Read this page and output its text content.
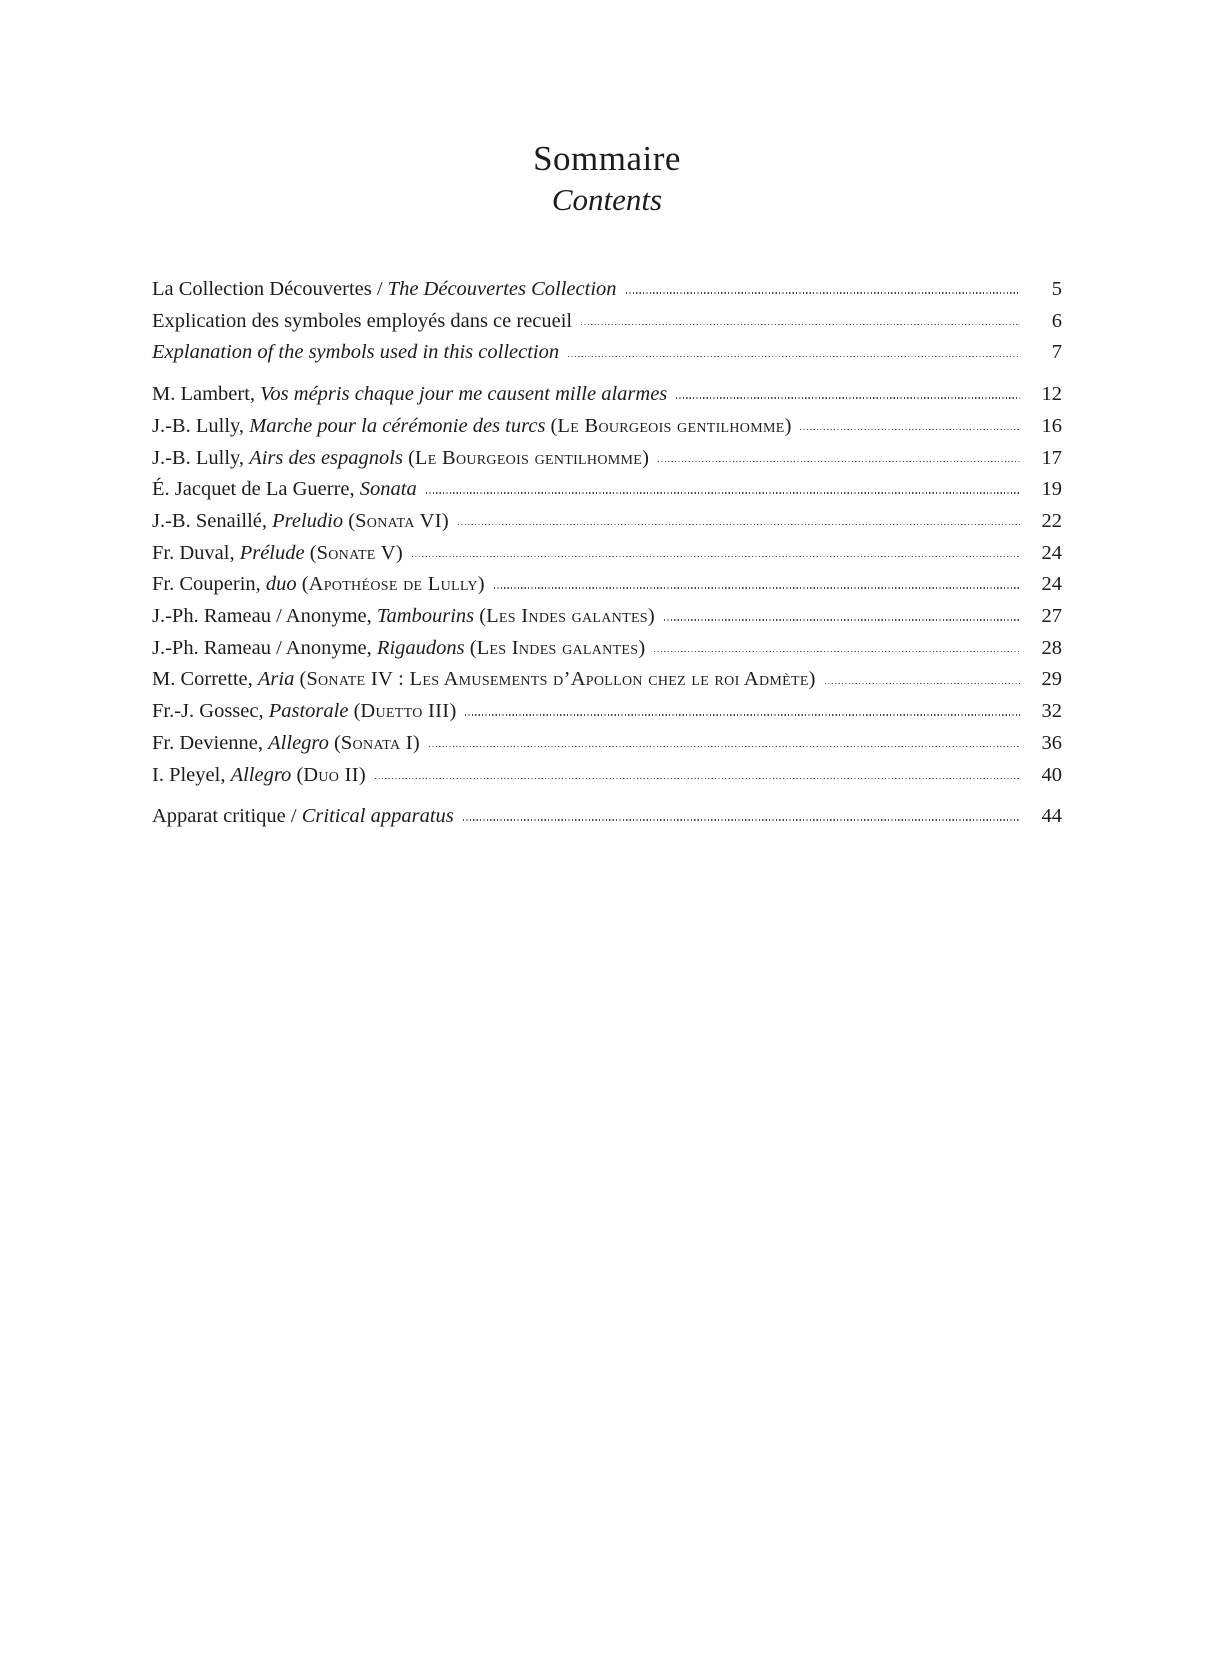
Sommaire
Contents
La Collection Découvertes / The Découvertes Collection	5
Explication des symboles employés dans ce recueil	6
Explanation of the symbols used in this collection	7
M. Lambert, Vos mépris chaque jour me causent mille alarmes	12
J.-B. Lully, Marche pour la cérémonie des turcs (Le Bourgeois gentilhomme)	16
J.-B. Lully, Airs des espagnols (Le Bourgeois gentilhomme)	17
É. Jacquet de La Guerre, Sonata	19
J.-B. Senaillé, Preludio (Sonata VI)	22
Fr. Duval, Prélude (Sonate V)	24
Fr. Couperin, duo (Apothéose de Lully)	24
J.-Ph. Rameau / Anonyme, Tambourins (Les Indes galantes)	27
J.-Ph. Rameau / Anonyme, Rigaudons (Les Indes galantes)	28
M. Corrette, Aria (Sonate IV : Les Amusements d’Apollon chez le roi Admète)	29
Fr.-J. Gossec, Pastorale (Duetto III)	32
Fr. Devienne, Allegro (Sonata I)	36
I. Pleyel, Allegro (Duo II)	40
Apparat critique / Critical apparatus	44
